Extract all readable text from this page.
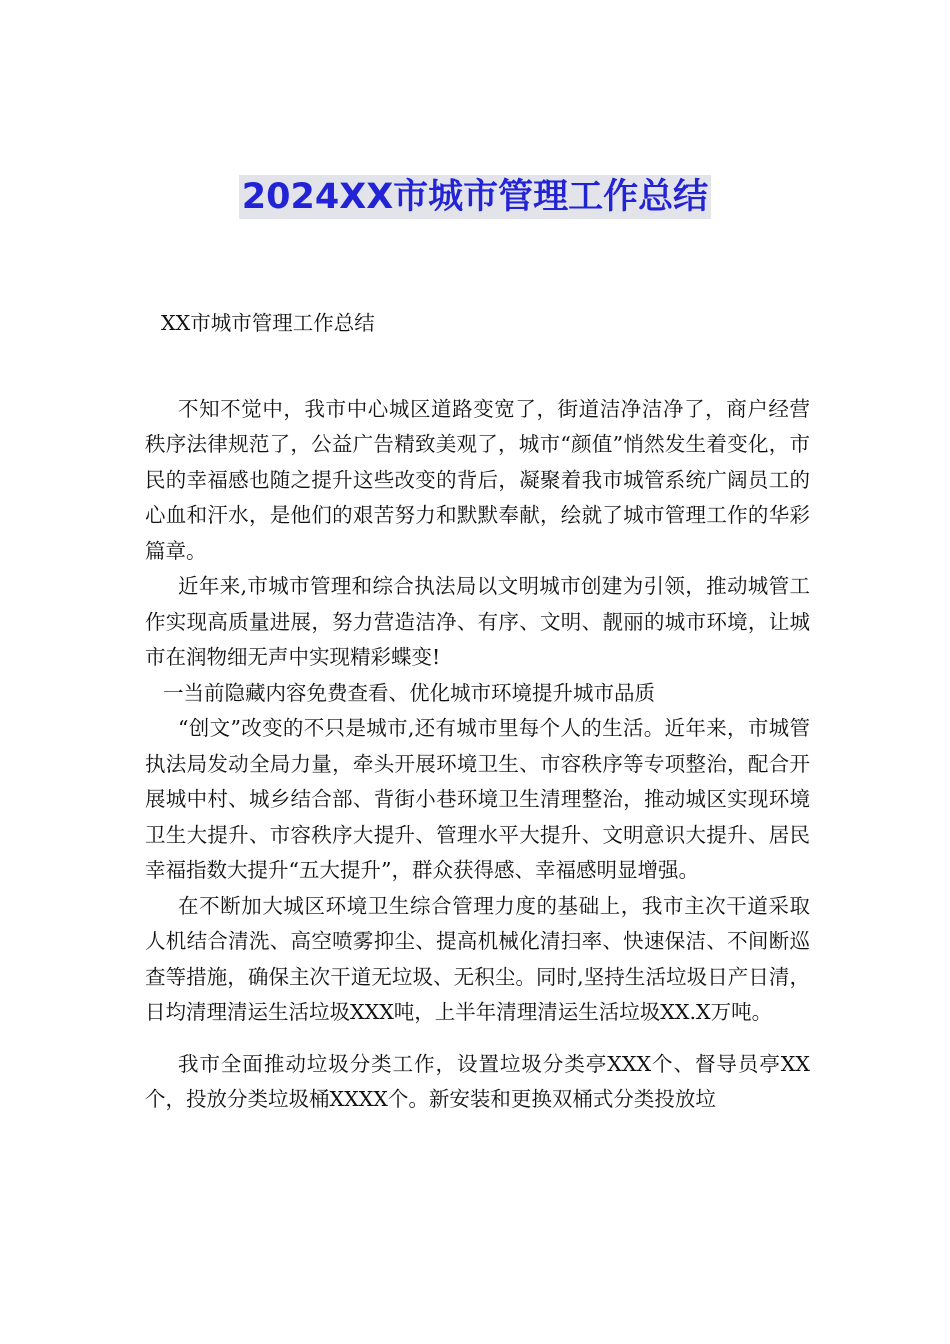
2024XX市城市管理工作总结

XX市城市管理工作总结

不知不觉中，我市中心城区道路变宽了，街道洁净洁净了，商户经营秩序法律规范了，公益广告精致美观了，城市“颜值”悄然发生着变化，市民的幸福感也随之提升这些改变的背后，凝聚着我市城管系统广阔员工的心血和汗水，是他们的艰苦努力和默默奉献，绘就了城市管理工作的华彩篇章。

近年来,市城市管理和综合执法局以文明城市创建为引领，推动城管工作实现高质量进展，努力营造洁净、有序、文明、靓丽的城市环境，让城市在润物细无声中实现精彩蝶变!

一当前隐藏内容免费查看、优化城市环境提升城市品质

“创文”改变的不只是城市,还有城市里每个人的生活。近年来，市城管执法局发动全局力量，牵头开展环境卫生、市容秩序等专项整治，配合开展城中村、城乡结合部、背街小巷环境卫生清理整治，推动城区实现环境卫生大提升、市容秩序大提升、管理水平大提升、文明意识大提升、居民幸福指数大提升“五大提升”，群众获得感、幸福感明显增强。

在不断加大城区环境卫生综合管理力度的基础上，我市主次干道采取人机结合清洗、高空喷雾抑尘、提高机械化清扫率、快速保洁、不间断巡查等措施，确保主次干道无垃圾、无积尘。同时,坚持生活垃圾日产日清，日均清理清运生活垃圾XXX吨，上半年清理清运生活垃圾XX.X万吨。

我市全面推动垃圾分类工作，设置垃圾分类亭XXX个、督导员亭XX个，投放分类垃圾桶XXXX个。新安装和更换双桶式分类投放垃
